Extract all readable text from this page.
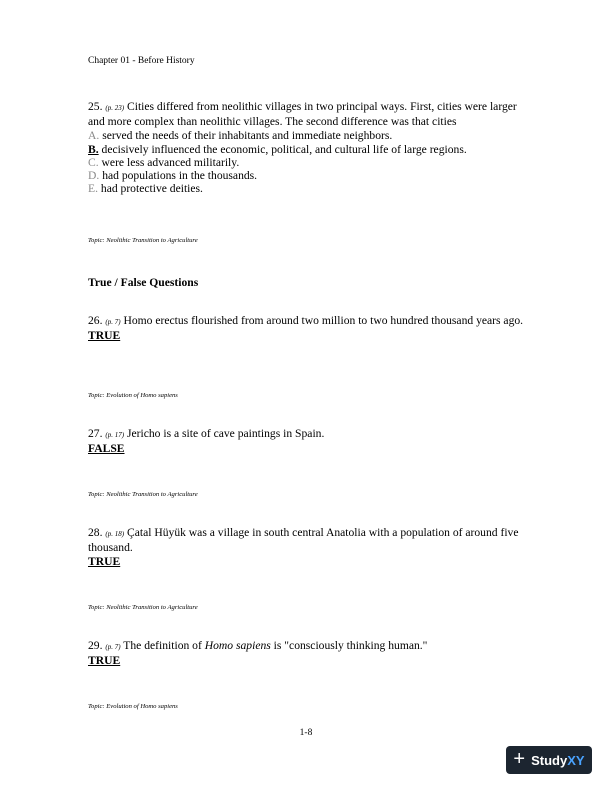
Chapter 01 - Before History
25. (p. 23) Cities differed from neolithic villages in two principal ways. First, cities were larger and more complex than neolithic villages. The second difference was that cities
A. served the needs of their inhabitants and immediate neighbors.
B. decisively influenced the economic, political, and cultural life of large regions.
C. were less advanced militarily.
D. had populations in the thousands.
E. had protective deities.
Topic: Neolithic Transition to Agriculture
True / False Questions
26. (p. 7) Homo erectus flourished from around two million to two hundred thousand years ago.
TRUE
Topic: Evolution of Homo sapiens
27. (p. 17) Jericho is a site of cave paintings in Spain.
FALSE
Topic: Neolithic Transition to Agriculture
28. (p. 18) Çatal Hüyük was a village in south central Anatolia with a population of around five thousand.
TRUE
Topic: Neolithic Transition to Agriculture
29. (p. 7) The definition of Homo sapiens is "consciously thinking human."
TRUE
Topic: Evolution of Homo sapiens
1-8
+ StudyXY
